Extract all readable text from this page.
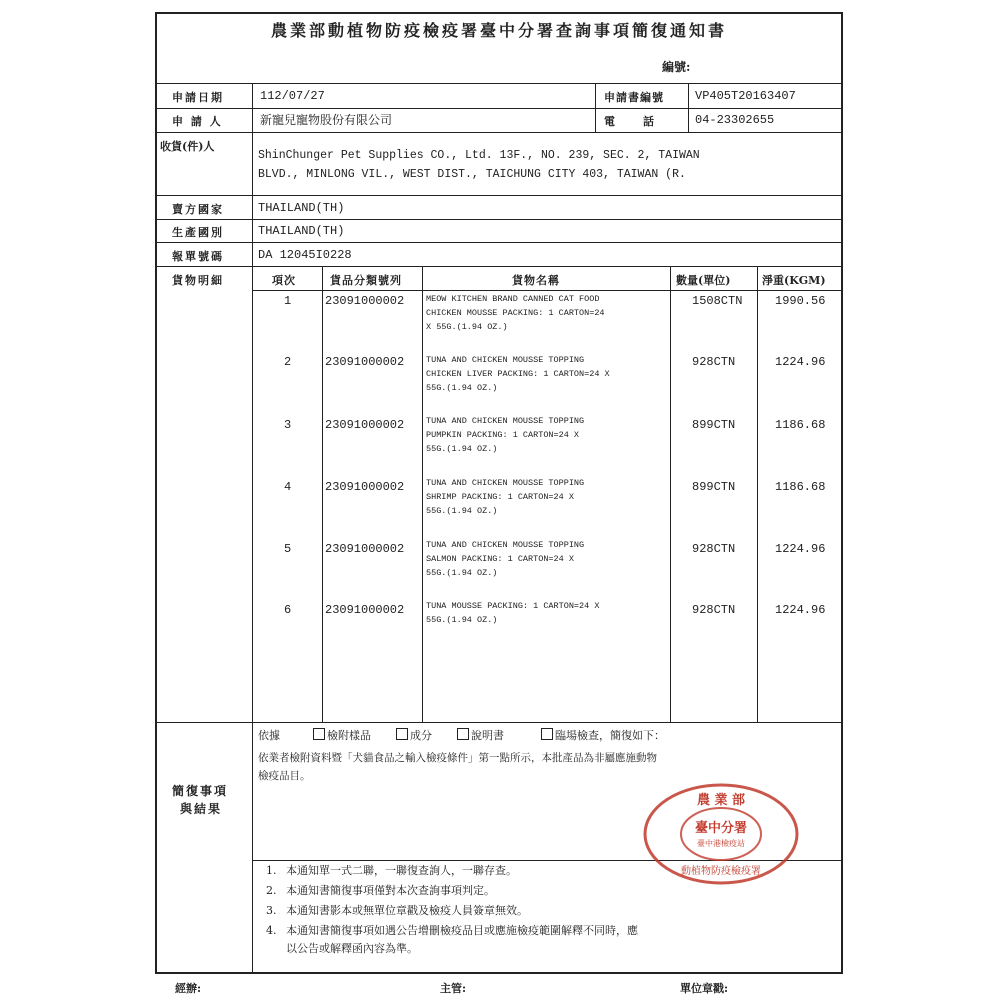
農業部動植物防疫檢疫署臺中分署查詢事項簡復通知書
編號:
申請日期	112/07/27	申請書編號	VP405T20163407
申 請 人	新寵兒寵物股份有限公司	電　　話	04-23302655
收貨(件)人
ShinChunger Pet Supplies CO., Ltd. 13F., NO. 239, SEC. 2, TAIWAN
BLVD., MINLONG VIL., WEST DIST., TAICHUNG CITY 403, TAIWAN (R.
賣方國家	THAILAND(TH)
生產國別	THAILAND(TH)
報單號碼	DA 12045I0228
貨物明細	項次	貨品分類號列	貨物名稱	數量(單位)	淨重(KGM)
1	23091000002	MEOW KITCHEN BRAND CANNED CAT FOOD
CHICKEN MOUSSE PACKING: 1 CARTON=24
X 55G.(1.94 OZ.)
1508CTN	1990.56
2	23091000002	TUNA AND CHICKEN MOUSSE TOPPING
CHICKEN LIVER PACKING: 1 CARTON=24 X
55G.(1.94 OZ.)
928CTN	1224.96
3	23091000002	TUNA AND CHICKEN MOUSSE TOPPING
PUMPKIN PACKING: 1 CARTON=24 X
55G.(1.94 OZ.)
899CTN	1186.68
4	23091000002	TUNA AND CHICKEN MOUSSE TOPPING
SHRIMP PACKING: 1 CARTON=24 X
55G.(1.94 OZ.)
899CTN	1186.68
5	23091000002	TUNA AND CHICKEN MOUSSE TOPPING
SALMON PACKING: 1 CARTON=24 X
55G.(1.94 OZ.)
928CTN	1224.96
6	23091000002	TUNA MOUSSE PACKING: 1 CARTON=24 X
55G.(1.94 OZ.)
928CTN	1224.96
簡復事項
與結果
依據	檢附樣品	成分	說明書	臨場檢查，簡復如下：
依業者檢附資料暨「犬貓食品之輸入檢疫條件」第一點所示，本批產品為非屬應施動物
檢疫品目。
農 業 部
臺中分署
臺中港檢疫站
動植物防疫檢疫署
1. 本通知單一式二聯，一聯復查詢人，一聯存查。
2. 本通知書簡復事項僅對本次查詢事項判定。
3. 本通知書影本或無單位章戳及檢疫人員簽章無效。
4. 本通知書簡復事項如遇公告增刪檢疫品目或應施檢疫範圍解釋不同時，應
以公告或解釋函內容為準。
經辦:	主管:	單位章戳:
